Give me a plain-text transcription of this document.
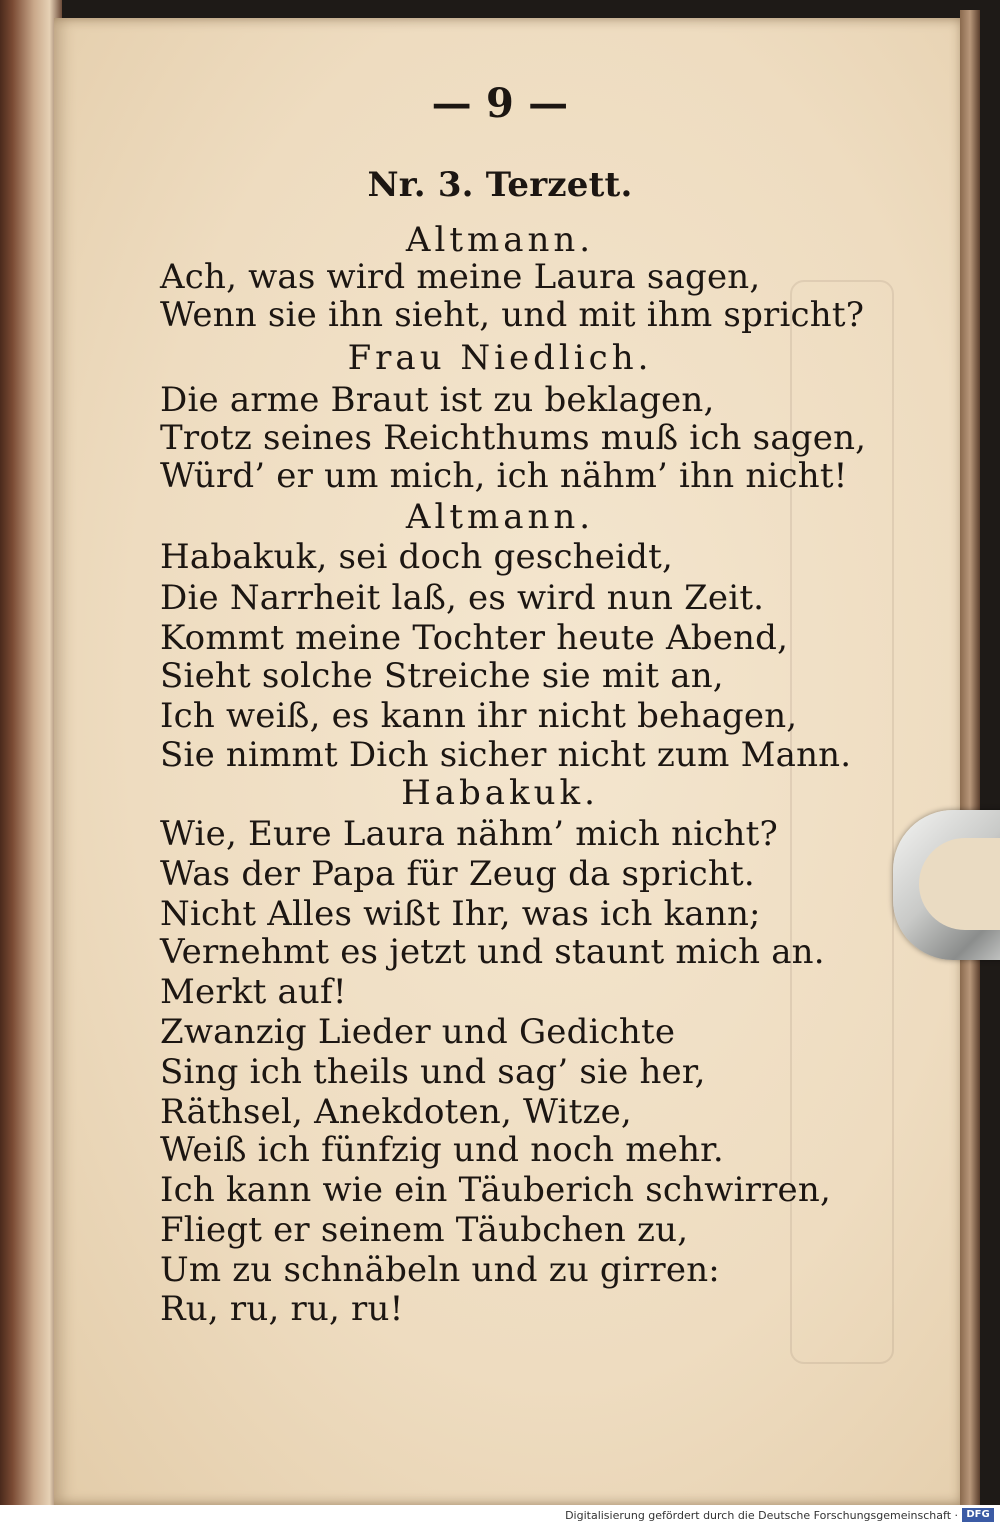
— 9 —
Nr. 3. Terzett.
Altmann.
Ach, was wird meine Laura sagen,
Wenn sie ihn sieht, und mit ihm spricht?
Frau Niedlich.
Die arme Braut ist zu beklagen,
Trotz seines Reichthums muß ich sagen,
Würd’ er um mich, ich nähm’ ihn nicht!
Altmann.
Habakuk, sei doch gescheidt,
Die Narrheit laß, es wird nun Zeit.
Kommt meine Tochter heute Abend,
Sieht solche Streiche sie mit an,
Ich weiß, es kann ihr nicht behagen,
Sie nimmt Dich sicher nicht zum Mann.
Habakuk.
Wie, Eure Laura nähm’ mich nicht?
Was der Papa für Zeug da spricht.
Nicht Alles wißt Ihr, was ich kann;
Vernehmt es jetzt und staunt mich an.
Merkt auf!
Zwanzig Lieder und Gedichte
Sing ich theils und sag’ sie her,
Räthsel, Anekdoten, Witze,
Weiß ich fünfzig und noch mehr.
Ich kann wie ein Täuberich schwirren,
Fliegt er seinem Täubchen zu,
Um zu schnäbeln und zu girren:
Ru, ru, ru, ru!
Digitalisierung gefördert durch die Deutsche Forschungsgemeinschaft · DFG
